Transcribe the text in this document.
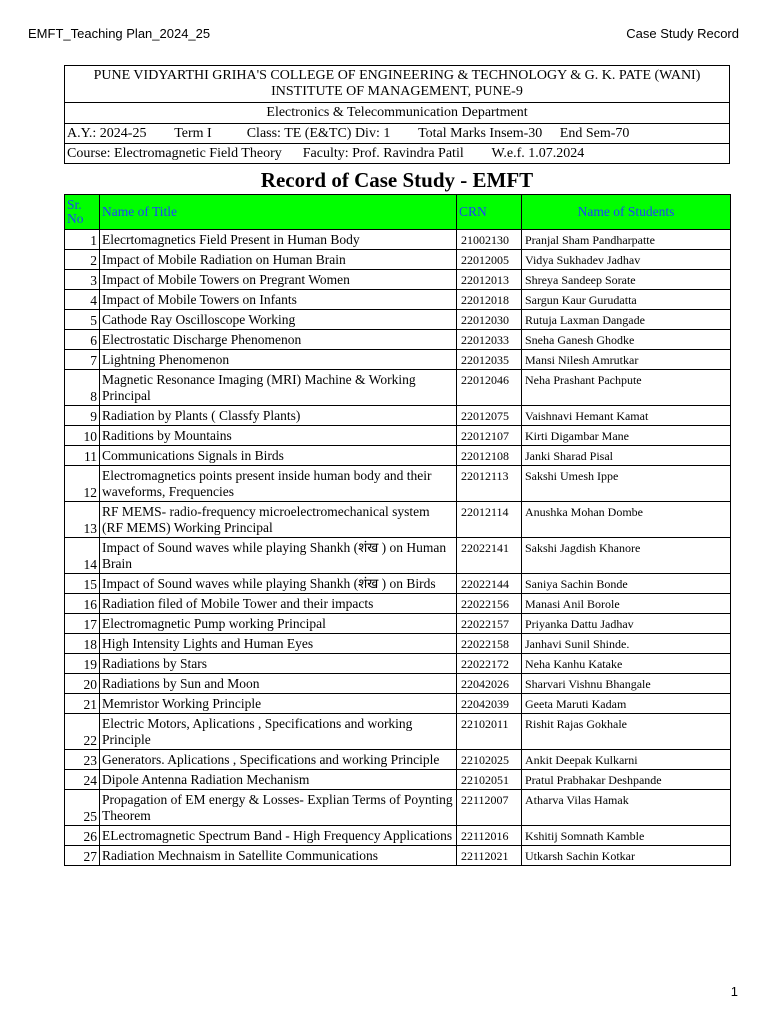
EMFT_Teaching Plan_2024_25	Case Study Record
PUNE VIDYARTHI GRIHA'S COLLEGE OF ENGINEERING & TECHNOLOGY & G. K. PATE (WANI) INSTITUTE OF MANAGEMENT, PUNE-9
Electronics & Telecommunication Department
A.Y.: 2024-25        Term I          Class: TE (E&TC) Div: 1        Total Marks Insem-30     End Sem-70
Course: Electromagnetic Field Theory      Faculty: Prof. Ravindra Patil        W.e.f. 1.07.2024
Record of Case Study - EMFT
Sr. No	Name of Title	CRN	Name of Students
1	Elecrtomagnetics Field Present in Human Body	21002130	Pranjal Sham Pandharpatte
2	Impact of Mobile Radiation on Human Brain	22012005	Vidya Sukhadev Jadhav
3	Impact of Mobile Towers on Pregrant Women	22012013	Shreya Sandeep Sorate
4	Impact of Mobile Towers on Infants	22012018	Sargun Kaur Gurudatta
5	Cathode Ray Oscilloscope Working	22012030	Rutuja Laxman Dangade
6	Electrostatic Discharge Phenomenon	22012033	Sneha Ganesh Ghodke
7	Lightning Phenomenon	22012035	Mansi Nilesh Amrutkar
8	Magnetic Resonance Imaging (MRI) Machine & Working Principal	22012046	Neha Prashant Pachpute
9	Radiation by Plants ( Classfy Plants)	22012075	Vaishnavi Hemant Kamat
10	Raditions by Mountains	22012107	Kirti Digambar Mane
11	Communications Signals in Birds	22012108	Janki Sharad Pisal
12	Electromagnetics points present inside human body and their waveforms, Frequencies	22012113	Sakshi Umesh Ippe
13	RF MEMS- radio-frequency microelectromechanical system (RF MEMS) Working Principal	22012114	Anushka Mohan Dombe
14	Impact of Sound waves while playing Shankh (शंख ) on Human Brain	22022141	Sakshi Jagdish Khanore
15	Impact of Sound waves while playing Shankh (शंख ) on Birds	22022144	Saniya Sachin Bonde
16	Radiation filed of Mobile Tower and their impacts	22022156	Manasi Anil Borole
17	Electromagnetic Pump working Principal	22022157	Priyanka Dattu Jadhav
18	High Intensity Lights and Human Eyes	22022158	Janhavi Sunil Shinde.
19	Radiations by Stars	22022172	Neha Kanhu Katake
20	Radiations by Sun and Moon	22042026	Sharvari Vishnu Bhangale
21	Memristor Working Principle	22042039	Geeta Maruti Kadam
22	Electric Motors, Aplications , Specifications and working Principle	22102011	Rishit Rajas Gokhale
23	Generators. Aplications , Specifications and working Principle	22102025	Ankit Deepak Kulkarni
24	Dipole Antenna Radiation Mechanism	22102051	Pratul Prabhakar Deshpande
25	Propagation of EM energy & Losses- Explian Terms of Poynting Theorem	22112007	Atharva Vilas Hamak
26	ELectromagnetic Spectrum Band - High Frequency Applications	22112016	Kshitij Somnath Kamble
27	Radiation Mechnaism in Satellite Communications	22112021	Utkarsh Sachin Kotkar
1
